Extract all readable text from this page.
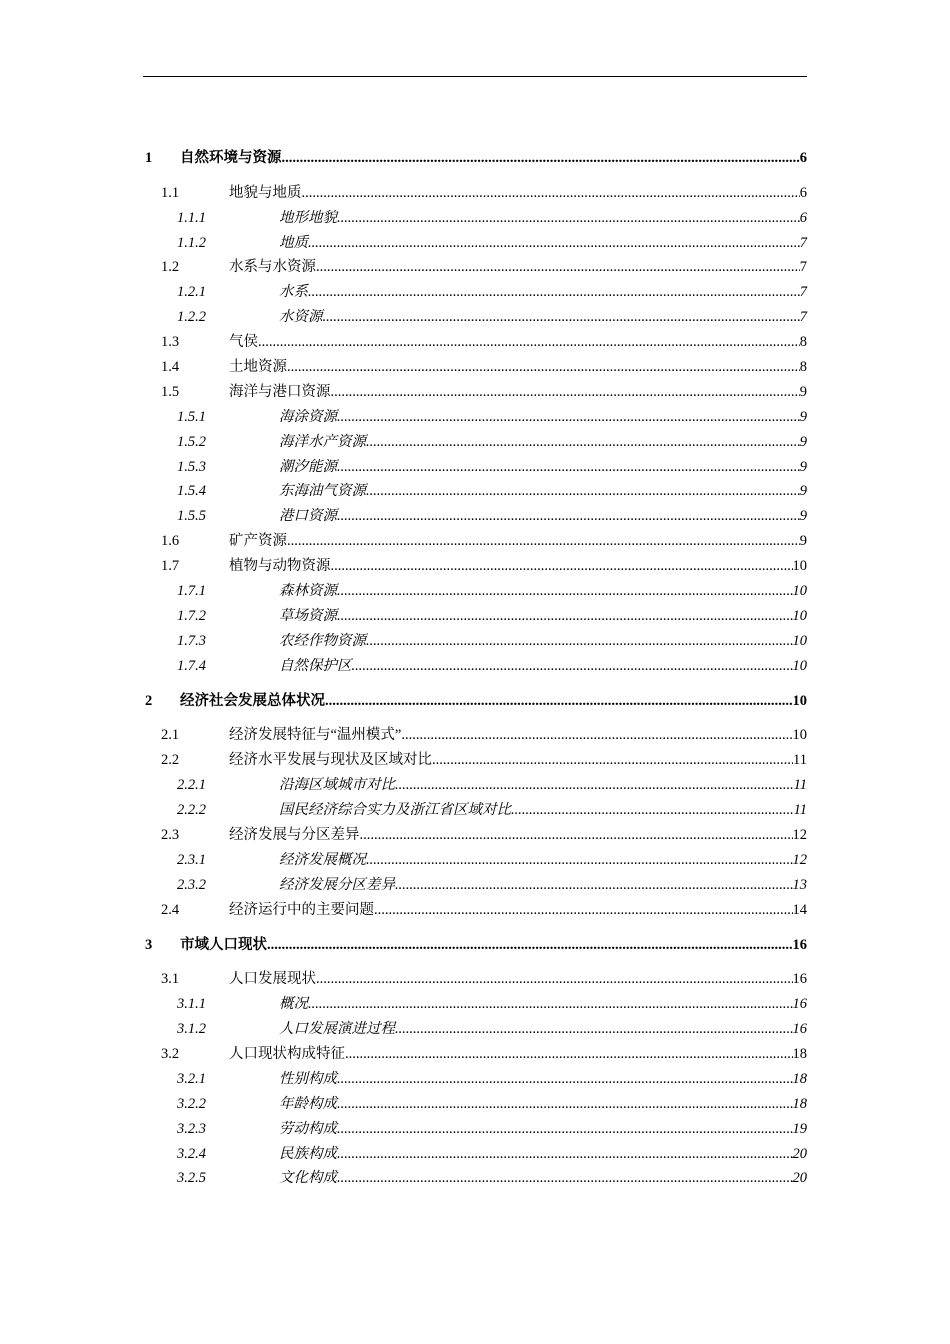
1	自然环境与资源 .....	6
1.1	地貌与地质 .....	6
1.1.1	地形地貌 .....	6
1.1.2	地质 .....	7
1.2	水系与水资源 .....	7
1.2.1	水系 .....	7
1.2.2	水资源 .....	7
1.3	气侯 .....	8
1.4	土地资源 .....	8
1.5	海洋与港口资源 .....	9
1.5.1	海涂资源 .....	9
1.5.2	海洋水产资源 .....	9
1.5.3	潮汐能源 .....	9
1.5.4	东海油气资源 .....	9
1.5.5	港口资源 .....	9
1.6	矿产资源 .....	9
1.7	植物与动物资源 .....	10
1.7.1	森林资源 .....	10
1.7.2	草场资源 .....	10
1.7.3	农经作物资源 .....	10
1.7.4	自然保护区 .....	10
2	经济社会发展总体状况 .....	10
2.1	经济发展特征与“温州模式” .....	10
2.2	经济水平发展与现状及区域对比 .....	11
2.2.1	沿海区域城市对比 .....	11
2.2.2	国民经济综合实力及浙江省区域对比 .....	11
2.3	经济发展与分区差异 .....	12
2.3.1	经济发展概况 .....	12
2.3.2	经济发展分区差异 .....	13
2.4	经济运行中的主要问题 .....	14
3	市域人口现状 .....	16
3.1	人口发展现状 .....	16
3.1.1	概况 .....	16
3.1.2	人口发展演进过程 .....	16
3.2	人口现状构成特征 .....	18
3.2.1	性别构成 .....	18
3.2.2	年龄构成 .....	18
3.2.3	劳动构成 .....	19
3.2.4	民族构成 .....	20
3.2.5	文化构成 .....	20
